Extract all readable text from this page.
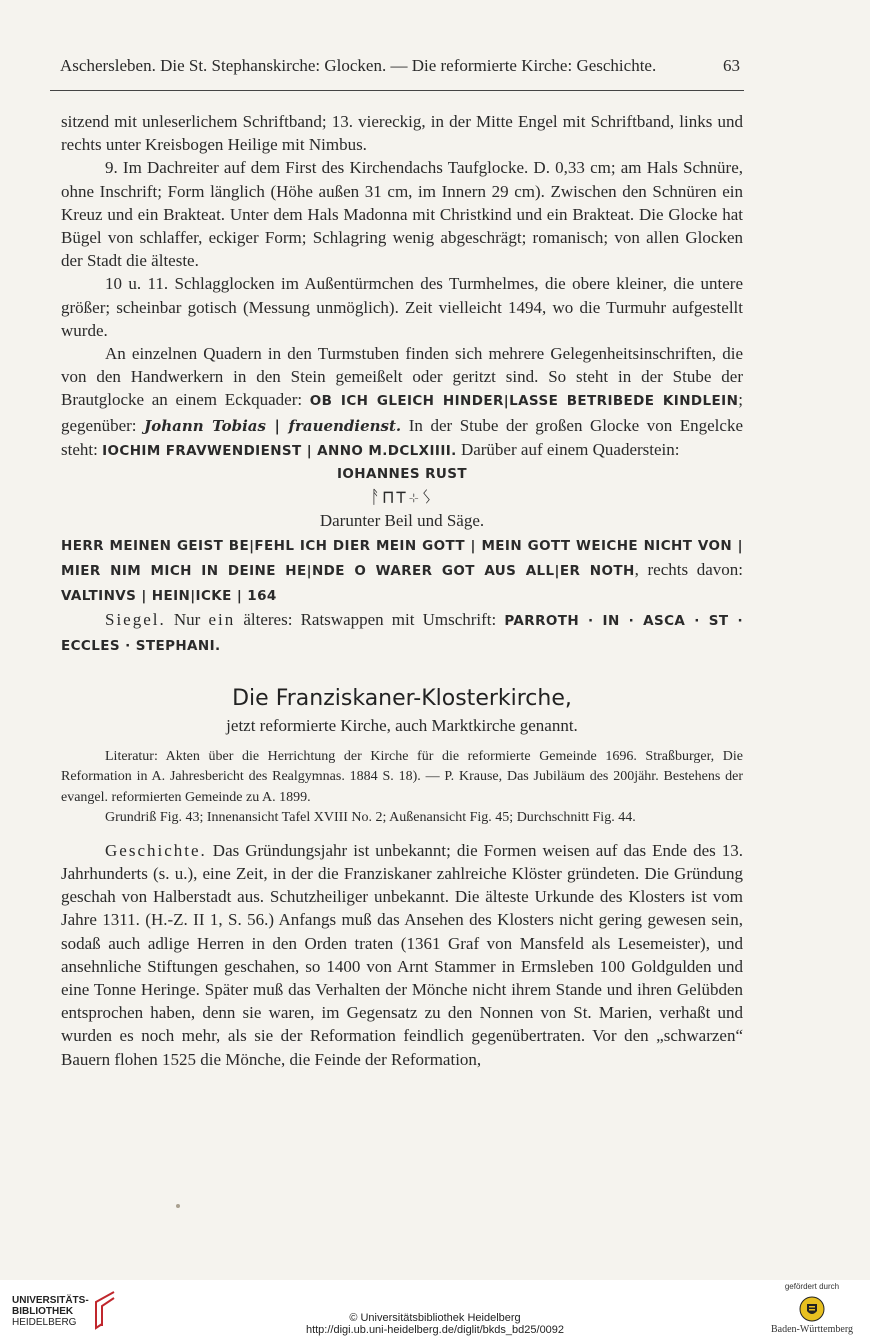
Aschersleben. Die St. Stephanskirche: Glocken. — Die reformierte Kirche: Geschichte.	63

sitzend mit unleserlichem Schriftband; 13. viereckig, in der Mitte Engel mit Schriftband, links und rechts unter Kreisbogen Heilige mit Nimbus.

9. Im Dachreiter auf dem First des Kirchendachs Taufglocke. D. 0,33 cm; am Hals Schnüre, ohne Inschrift; Form länglich (Höhe außen 31 cm, im Innern 29 cm). Zwischen den Schnüren ein Kreuz und ein Brakteat. Unter dem Hals Madonna mit Christkind und ein Brakteat. Die Glocke hat Bügel von schlaffer, eckiger Form; Schlagring wenig abgeschrägt; romanisch; von allen Glocken der Stadt die älteste.

10 u. 11. Schlagglocken im Außentürmchen des Turmhelmes, die obere kleiner, die untere größer; scheinbar gotisch (Messung unmöglich). Zeit vielleicht 1494, wo die Turmuhr aufgestellt wurde.

An einzelnen Quadern in den Turmstuben finden sich mehrere Gelegenheitsinschriften, die von den Handwerkern in den Stein gemeißelt oder geritzt sind. So steht in der Stube der Brautglocke an einem Eckquader: OB ICH GLEICH HINDER|LASSE BETRIBEDE KINDLEIN; gegenüber: Johann Tobias | frauendienst. In der Stube der großen Glocke von Engelcke steht: IOCHIM FRAVWENDIENST | ANNO M.DCLXIIII. Darüber auf einem Quaderstein:

IOHANNES RUST

ᚨ⊓⊤⊹ᛊ

Darunter Beil und Säge.

HERR MEINEN GEIST BE|FEHL ICH DIER MEIN GOTT | MEIN GOTT WEICHE NICHT VON | MIER NIM MICH IN DEINE HE|NDE O WARER GOT AUS ALL|ER NOTH, rechts davon: VALTINVS | HEIN|ICKE | 164

Siegel. Nur ein älteres: Ratswappen mit Umschrift: PARROTH · IN · ASCA · ST · ECCLES · STEPHANI.

Die Franziskaner-Klosterkirche,
jetzt reformierte Kirche, auch Marktkirche genannt.

Literatur: Akten über die Herrichtung der Kirche für die reformierte Gemeinde 1696. Straßburger, Die Reformation in A. Jahresbericht des Realgymnas. 1884 S. 18). — P. Krause, Das Jubiläum des 200jähr. Bestehens der evangel. reformierten Gemeinde zu A. 1899.

Grundriß Fig. 43; Innenansicht Tafel XVIII No. 2; Außenansicht Fig. 45; Durchschnitt Fig. 44.

Geschichte. Das Gründungsjahr ist unbekannt; die Formen weisen auf das Ende des 13. Jahrhunderts (s. u.), eine Zeit, in der die Franziskaner zahlreiche Klöster gründeten. Die Gründung geschah von Halberstadt aus. Schutzheiliger unbekannt. Die älteste Urkunde des Klosters ist vom Jahre 1311. (H.-Z. II 1, S. 56.) Anfangs muß das Ansehen des Klosters nicht gering gewesen sein, sodaß auch adlige Herren in den Orden traten (1361 Graf von Mansfeld als Lesemeister), und ansehnliche Stiftungen geschahen, so 1400 von Arnt Stammer in Ermsleben 100 Goldgulden und eine Tonne Heringe. Später muß das Verhalten der Mönche nicht ihrem Stande und ihren Gelübden entsprochen haben, denn sie waren, im Gegensatz zu den Nonnen von St. Marien, verhaßt und wurden es noch mehr, als sie der Reformation feindlich gegenübertraten. Vor den „schwarzen“ Bauern flohen 1525 die Mönche, die Feinde der Reformation,

UNIVERSITÄTS-
BIBLIOTHEK
HEIDELBERG	© Universitätsbibliothek Heidelberg
http://digi.ub.uni-heidelberg.de/diglit/bkds_bd25/0092
gefördert durch
Baden-Württemberg
